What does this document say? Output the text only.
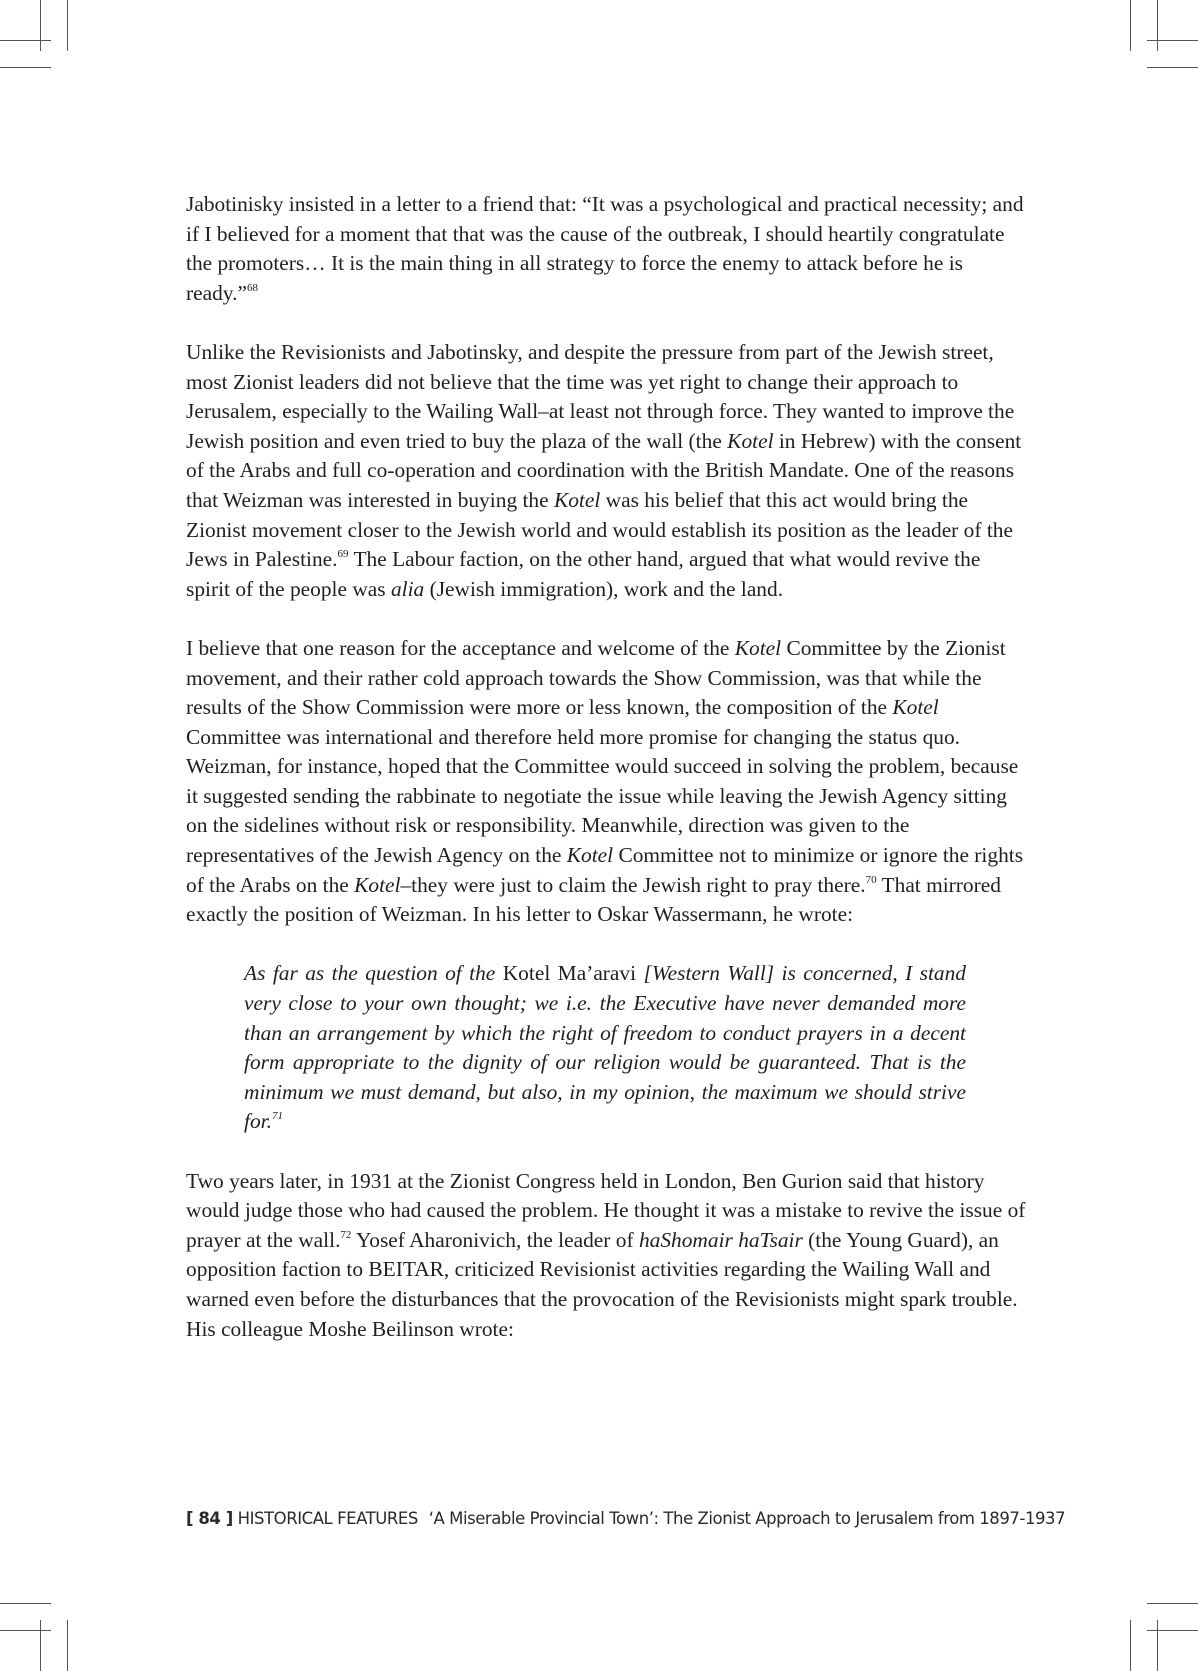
Jabotinisky insisted in a letter to a friend that: “It was a psychological and practical necessity; and if I believed for a moment that that was the cause of the outbreak, I should heartily congratulate the promoters… It is the main thing in all strategy to force the enemy to attack before he is ready.”$^{68}$

Unlike the Revisionists and Jabotinsky, and despite the pressure from part of the Jewish street, most Zionist leaders did not believe that the time was yet right to change their approach to Jerusalem, especially to the Wailing Wall–at least not through force. They wanted to improve the Jewish position and even tried to buy the plaza of the wall (the Kotel in Hebrew) with the consent of the Arabs and full co-operation and coordination with the British Mandate. One of the reasons that Weizman was interested in buying the Kotel was his belief that this act would bring the Zionist movement closer to the Jewish world and would establish its position as the leader of the Jews in Palestine.$^{69}$ The Labour faction, on the other hand, argued that what would revive the spirit of the people was alia (Jewish immigration), work and the land.

I believe that one reason for the acceptance and welcome of the Kotel Committee by the Zionist movement, and their rather cold approach towards the Show Commission, was that while the results of the Show Commission were more or less known, the composition of the Kotel Committee was international and therefore held more promise for changing the status quo. Weizman, for instance, hoped that the Committee would succeed in solving the problem, because it suggested sending the rabbinate to negotiate the issue while leaving the Jewish Agency sitting on the sidelines without risk or responsibility. Meanwhile, direction was given to the representatives of the Jewish Agency on the Kotel Committee not to minimize or ignore the rights of the Arabs on the Kotel–they were just to claim the Jewish right to pray there.$^{70}$ That mirrored exactly the position of Weizman. In his letter to Oskar Wassermann, he wrote:

As far as the question of the Kotel Ma’aravi [Western Wall] is concerned, I stand very close to your own thought; we i.e. the Executive have never demanded more than an arrangement by which the right of freedom to conduct prayers in a decent form appropriate to the dignity of our religion would be guaranteed. That is the minimum we must demand, but also, in my opinion, the maximum we should strive for.$^{71}$

Two years later, in 1931 at the Zionist Congress held in London, Ben Gurion said that history would judge those who had caused the problem. He thought it was a mistake to revive the issue of prayer at the wall.$^{72}$ Yosef Aharonivich, the leader of haShomair haTsair (the Young Guard), an opposition faction to BEITAR, criticized Revisionist activities regarding the Wailing Wall and warned even before the disturbances that the provocation of the Revisionists might spark trouble. His colleague Moshe Beilinson wrote:

[ 84 ] HISTORICAL FEATURES ‘A Miserable Provincial Town’: The Zionist Approach to Jerusalem from 1897-1937
